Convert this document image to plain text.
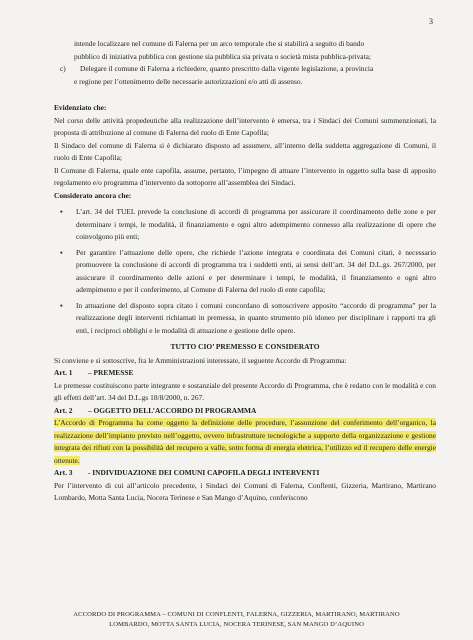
3

intende localizzare nel comune di Falerna per un arco temporale che si stabilirà a seguito di bando

pubblico di iniziativa pubblica con gestione sia pubblica sia privata o società mista pubblica-privata;

c)	Delegare il comune di Falerna a richiedere, quanto prescritto dalla vigente legislazione, a provincia

e regione per l’ottenimento delle necessarie autorizzazioni e/o atti di assenso.

Evidenziato che:

Nel corso delle attività propedeutiche alla realizzazione dell’intervento è emersa, tra i Sindaci dei Comuni summenzionati, la proposta di attribuzione al comune di Falerna del ruolo di Ente Capofila;

Il Sindaco del comune di Falerna si è dichiarato disposto ad assumere, all’interno della suddetta aggregazione di Comuni, il ruolo di Ente Capofila;

Il Comune di Falerna, quale ente capofila, assume, pertanto, l’impegno di attuare l’intervento in oggetto sulla base di apposito regolamento e/o programma d’intervento da sottoporre all’assemblea dei Sindaci.

Considerato ancora che:

▪	L’art. 34 del TUEL prevede la conclusione di accordi di programma per assicurare il coordinamento delle zone e per determinare i tempi, le modalità, il finanziamento e ogni altro adempimento connesso alla realizzazione di opere che coinvolgono più enti;
▪	Per garantire l’attuazione delle opere, che richiede l’azione integrata e coordinata dei Comuni citati, è necessario promuovere la conclusione di accordi di programma tra i suddetti enti, ai sensi dell’art. 34 del D.L.gs. 267/2000, per assicurare il coordinamento delle azioni e per determinare i tempi, le modalità, il finanziamento e ogni altro adempimento e per il conferimento, al Comune di Falerna del ruolo di ente capofila;
▪	In attuazione del disposto sopra citato i comuni concordano di sottoscrivere apposito “accordo di programma” per la realizzazione degli interventi richiamati in premessa, in quanto strumento più idoneo per disciplinare i rapporti tra gli enti, i reciproci obblighi e le modalità di attuazione e gestione delle opere.

TUTTO CIO’ PREMESSO E CONSIDERATO

Si conviene e si sottoscrive, fra le Amministrazioni interessate, il seguente Accordo di Programma:

Art. 1 – PREMESSE

Le premesse costituiscono parte integrante e sostanziale del presente Accordo di Programma, che è redatto con le modalità e con gli effetti dell’art. 34 del D.L.gs 18/8/2000, n. 267.

Art. 2 – OGGETTO DELL’ACCORDO DI PROGRAMMA

L’Accordo di Programma ha come oggetto la definizione delle procedure, l’assunzione del conferimento dell’organico, la realizzazione dell’impianto previsto nell’oggetto, ovvero infrastrutture tecnologiche a supporto della organizzazione e gestione integrata dei rifiuti con la possibilità del recupero a valle, sotto forma di energia elettrica, l’utilizzo ed il recupero delle energie ottenute.

Art. 3 - INDIVIDUAZIONE DEI COMUNI CAPOFILA DEGLI INTERVENTI

Per l’intervento di cui all’articolo precedente, i Sindaci dei Comuni di Falerna, Conflenti, Gizzeria, Martirano, Martirano Lombardo, Motta Santa Lucia, Nocera Terinese e San Mango d’Aquino, conferiscono

ACCORDO DI PROGRAMMA – COMUNI DI CONFLENTI, FALERNA, GIZZERIA, MARTIRANO, MARTIRANO
LOMBARDO, MOTTA SANTA LUCIA, NOCERA TERINESE, SAN MANGO D’AQUINO
